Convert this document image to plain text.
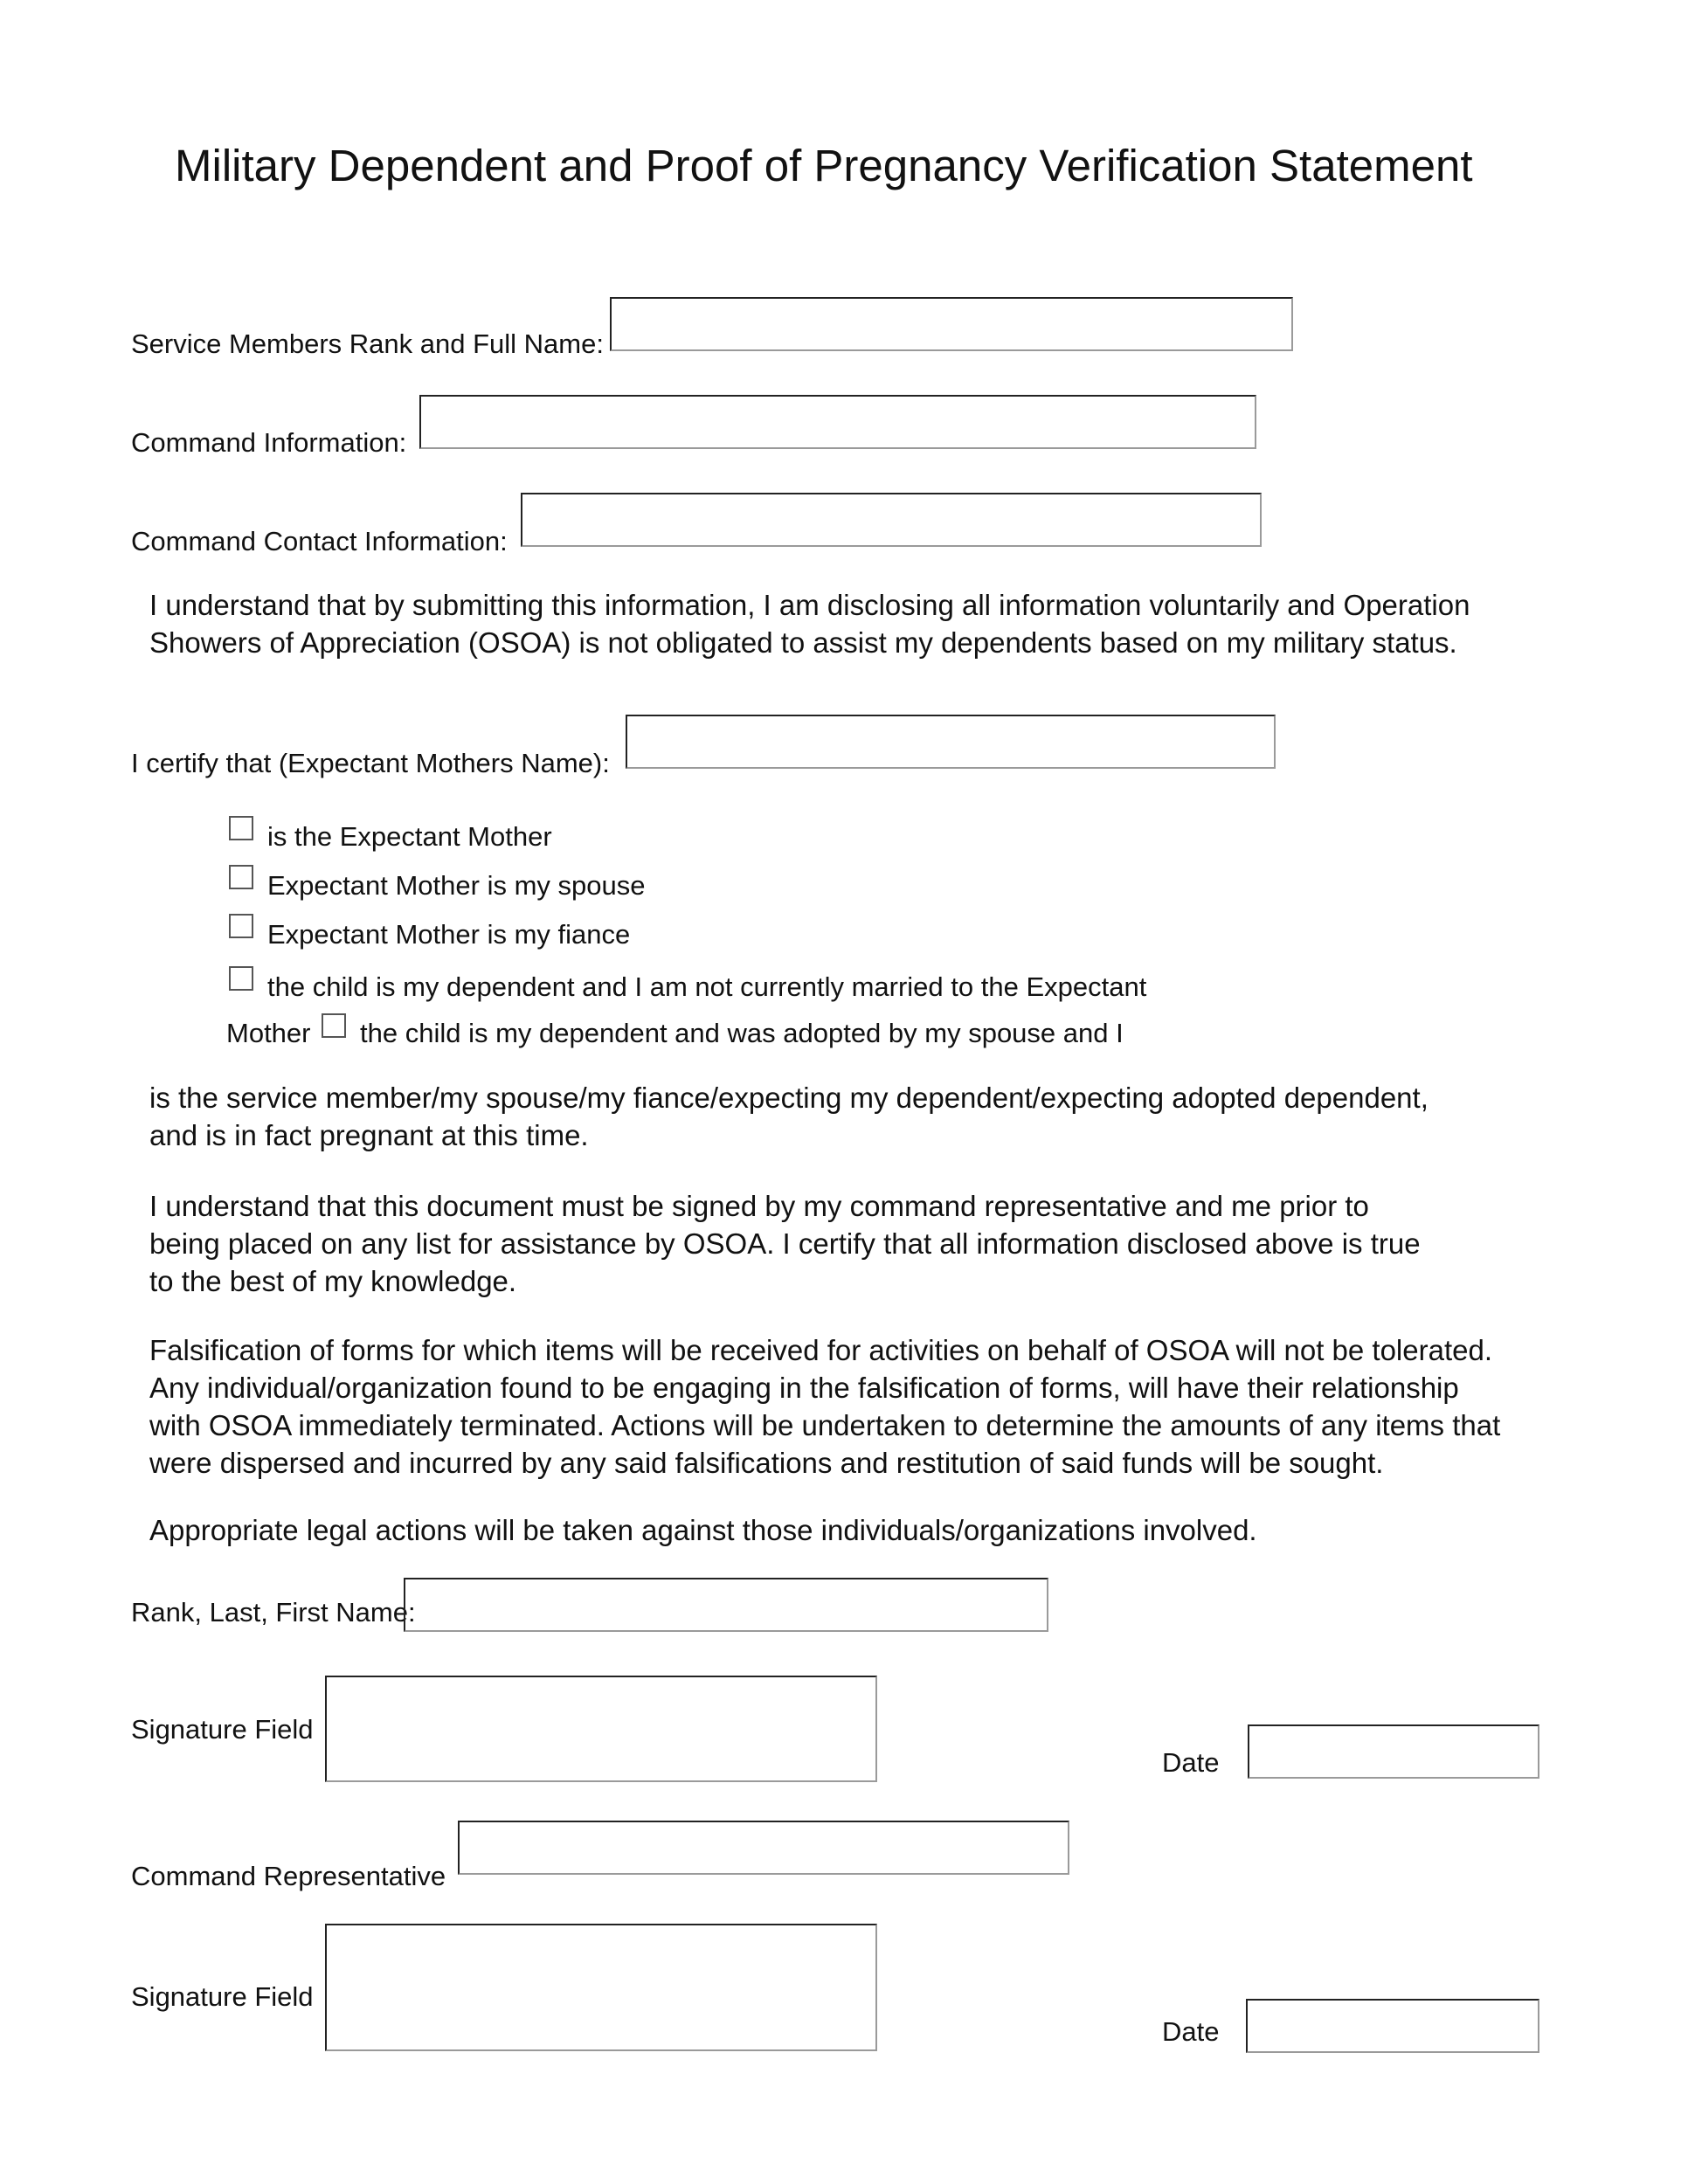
Military Dependent and Proof of Pregnancy Verification Statement
Service Members Rank and Full Name:
Command Information:
Command Contact Information:
I understand that by submitting this information, I am disclosing all information voluntarily and Operation
Showers of Appreciation (OSOA) is not obligated to assist my dependents based on my military status.
I certify that (Expectant Mothers Name):
is the Expectant Mother
Expectant Mother is my spouse
Expectant Mother is my fiance
the child is my dependent and I am not currently married to the Expectant
Mother the child is my dependent and was adopted by my spouse and I
is the service member/my spouse/my fiance/expecting my dependent/expecting adopted dependent,
and is in fact pregnant at this time.
I understand that this document must be signed by my command representative and me prior to
being placed on any list for assistance by OSOA. I certify that all information disclosed above is true
to the best of my knowledge.
Falsification of forms for which items will be received for activities on behalf of OSOA will not be tolerated.
Any individual/organization found to be engaging in the falsification of forms, will have their relationship
with OSOA immediately terminated. Actions will be undertaken to determine the amounts of any items that
were dispersed and incurred by any said falsifications and restitution of said funds will be sought.
Appropriate legal actions will be taken against those individuals/organizations involved.
Rank, Last, First Name:
Signature Field
Date
Command Representative
Signature Field
Date
